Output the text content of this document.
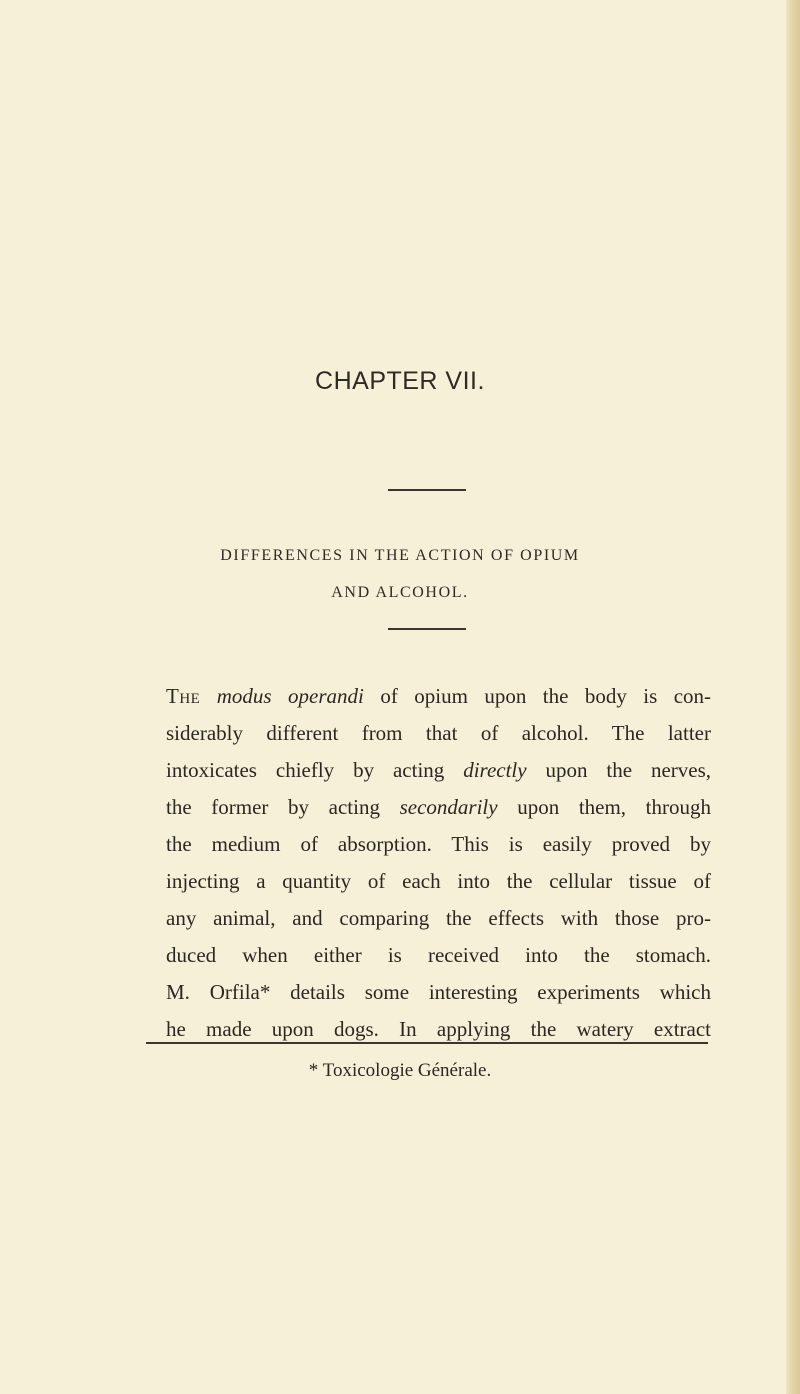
CHAPTER VII.
DIFFERENCES IN THE ACTION OF OPIUM
AND ALCOHOL.
The modus operandi of opium upon the body is con-
siderably different from that of alcohol. The latter
intoxicates chiefly by acting directly upon the nerves,
the former by acting secondarily upon them, through
the medium of absorption. This is easily proved by
injecting a quantity of each into the cellular tissue of
any animal, and comparing the effects with those pro-
duced when either is received into the stomach.
M. Orfila* details some interesting experiments which
he made upon dogs. In applying the watery extract
* Toxicologie Générale.
